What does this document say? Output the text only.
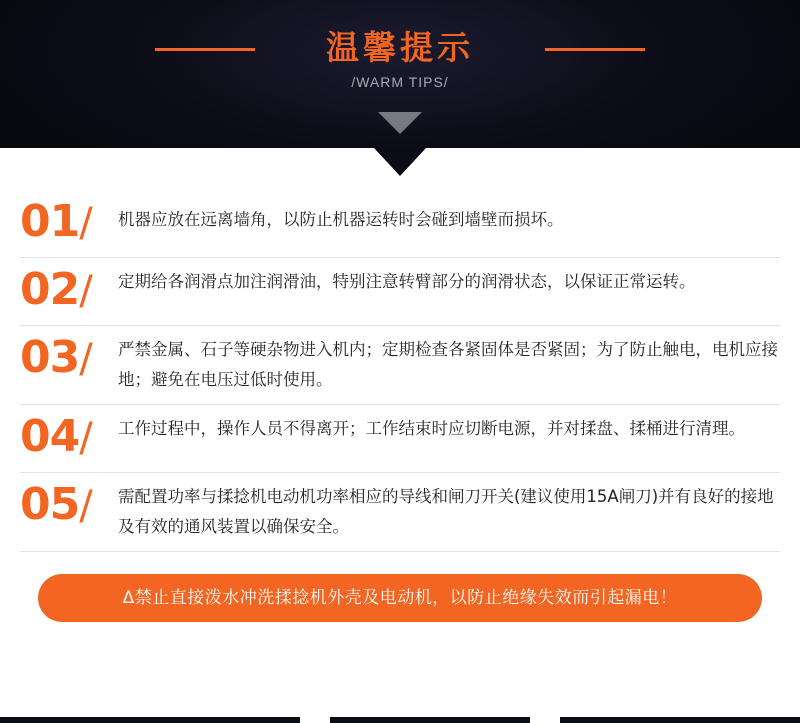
温馨提示
/WARM TIPS/
01/	机器应放在远离墙角，以防止机器运转时会碰到墙壁而损坏。
02/	定期给各润滑点加注润滑油，特别注意转臂部分的润滑状态，以保证正常运转。
03/	严禁金属、石子等硬杂物进入机内；定期检查各紧固体是否紧固；为了防止触电，电机应接地；避免在电压过低时使用。
04/	工作过程中，操作人员不得离开；工作结束时应切断电源，并对揉盘、揉桶进行清理。
05/	需配置功率与揉捻机电动机功率相应的导线和闸刀开关(建议使用15A闸刀)并有良好的接地及有效的通风装置以确保安全。
Δ禁止直接泼水冲洗揉捻机外壳及电动机，以防止绝缘失效而引起漏电！
